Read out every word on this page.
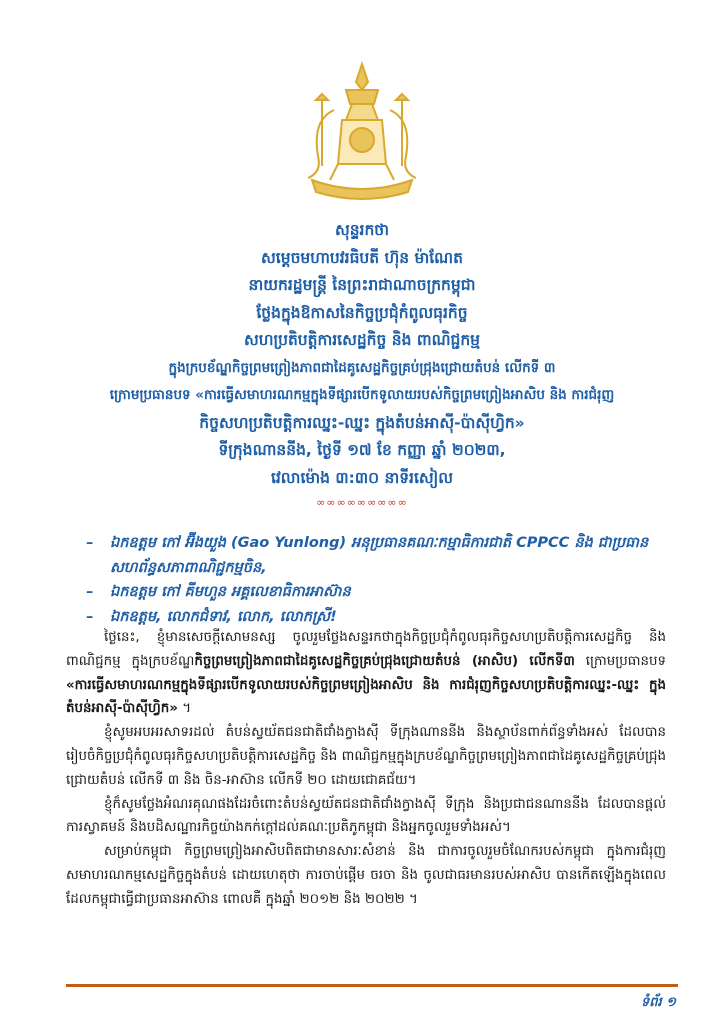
សុន្ទរកថា
សម្ដេចមហាបវរធិបតី ហ៊ុន ម៉ាណែត
នាយករដ្ឋមន្ត្រី នៃព្រះរាជាណាចក្រកម្ពុជា
ថ្លែងក្នុងឱកាសនៃកិច្ចប្រជុំកំពូលធុរកិច្ច
សហប្រតិបត្តិការសេដ្ឋកិច្ច និង ពាណិជ្ជកម្ម
ក្នុងក្របខ័ណ្ឌកិច្ចព្រមព្រៀងភាពជាដៃគូសេដ្ឋកិច្ចគ្រប់ជ្រុងជ្រោយតំបន់ លើកទី ៣
ក្រោមប្រធានបទ «ការធ្វើសមាហរណកម្មក្នុងទីផ្សារបើកទូលាយរបស់កិច្ចព្រមព្រៀងអាសិប និង ការជំរុញ
កិច្ចសហប្រតិបត្តិការឈ្នះ-ឈ្នះ ក្នុងតំបន់អាស៊ី-ប៉ាស៊ីហ្វិក»
ទីក្រុងណាននីង, ថ្ងៃទី ១៧ ខែ កញ្ញា ឆ្នាំ ២០២៣,
វេលាម៉ោង ៣:៣០ នាទីរសៀល
∞∞∞∞∞∞∞∞∞
– ឯកឧត្តម កៅ អ៊ីងយួង (Gao Yunlong) អនុប្រធានគណៈកម្មាធិការជាតិ CPPCC និង ជាប្រធាន សហព័ន្ធសភាពាណិជ្ជកម្មចិន,
– ឯកឧត្តម កៅ គីមហួន អគ្គលេខាធិការអាស៊ាន
– ឯកឧត្តម, លោកជំទាវ, លោក, លោកស្រី!

ថ្ងៃនេះ, ខ្ញុំមានសេចក្ដីសោមនស្ស ចូលរួមថ្លែងសន្ទរកថាក្នុងកិច្ចប្រជុំកំពូលធុរកិច្ចសហប្រតិបត្តិការសេដ្ឋកិច្ច និងពាណិជ្ជកម្ម ក្នុងក្របខ័ណ្ឌកិច្ចព្រមព្រៀងភាពជាដៃគូសេដ្ឋកិច្ចគ្រប់ជ្រុងជ្រោយតំបន់ (អាសិប) លើកទី៣ ក្រោមប្រធានបទ «ការធ្វើសមាហរណកម្មក្នុងទីផ្សារបើកទូលាយរបស់កិច្ចព្រមព្រៀងអាសិប និង ការជំរុញកិច្ចសហប្រតិបត្តិការឈ្នះ-ឈ្នះ ក្នុងតំបន់អាស៊ី-ប៉ាស៊ីហ្វិក» ។

ខ្ញុំសូមអបអរសាទរដល់ តំបន់ស្វយ័តជនជាតិជាំងក្វាងស៊ី ទីក្រុងណាននីង និងស្ថាប័នពាក់ព័ន្ធទាំងអស់ ដែលបានរៀបចំកិច្ចប្រជុំកំពូលធុរកិច្ចសហប្រតិបត្តិការសេដ្ឋកិច្ច និង ពាណិជ្ជកម្មក្នុងក្របខ័ណ្ឌកិច្ចព្រមព្រៀងភាពជាដៃគូសេដ្ឋកិច្ចគ្រប់ជ្រុងជ្រោយតំបន់ លើកទី ៣ និង ចិន-អាស៊ាន លើកទី ២០ ដោយជោគជ័យ។

ខ្ញុំក៏សូមថ្លែងអំណរគុណផងដែរចំពោះតំបន់ស្វយ័តជនជាតិជាំងក្វាងស៊ី ទីក្រុង និងប្រជាជនណាននីង ដែលបានផ្ដល់ការស្វាគមន៍ និងបដិសណ្ឋារកិច្ចយ៉ាងកក់ក្ដៅដល់គណៈប្រតិភូកម្ពុជា និងអ្នកចូលរួមទាំងអស់។

សម្រាប់កម្ពុជា កិច្ចព្រមព្រៀងអាសិបពិតជាមានសារៈសំខាន់ និង ជាការចូលរួមចំណែករបស់កម្ពុជា ក្នុងការជំរុញសមាហរណកម្មសេដ្ឋកិច្ចក្នុងតំបន់ ដោយហេតុថា ការចាប់ផ្ដើម ចរចា និង ចូលជាធរមានរបស់អាសិប បានកើតឡើងក្នុងពេលដែលកម្ពុជាធ្វើជាប្រធានអាស៊ាន ពោលគឺ ក្នុងឆ្នាំ ២០១២ និង ២០២២ ។

ទំព័រ ១
